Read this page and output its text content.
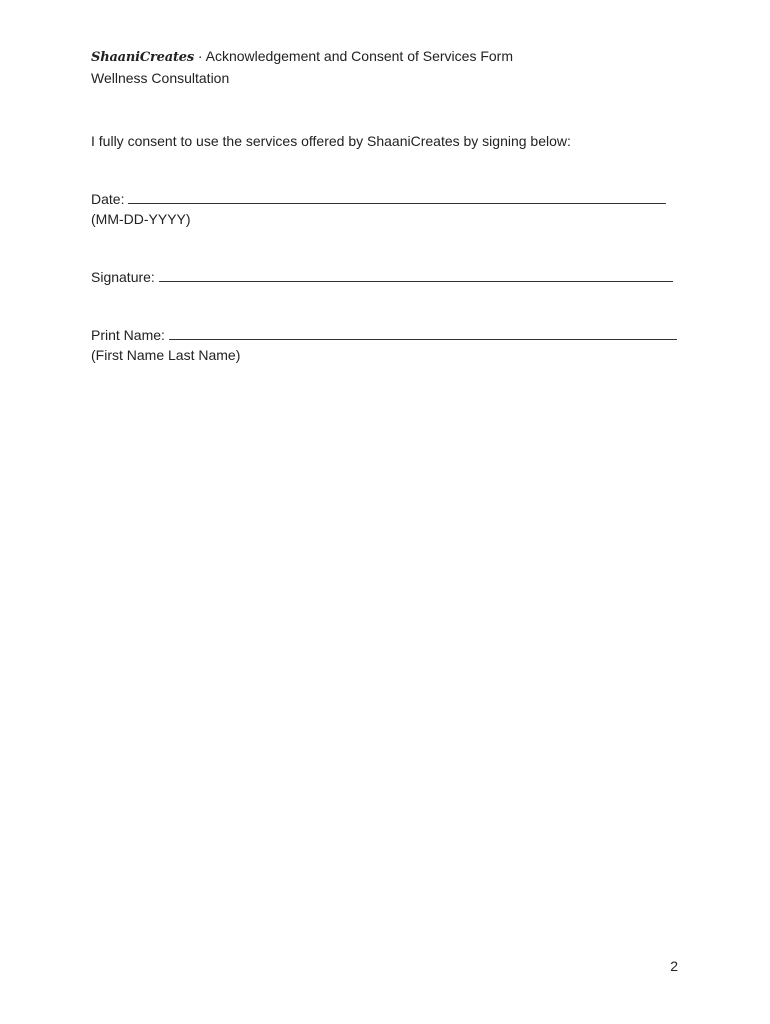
ShaaniCreates · Acknowledgement and Consent of Services Form
Wellness Consultation
I fully consent to use the services offered by ShaaniCreates by signing below:
Date:
(MM-DD-YYYY)
Signature:
Print Name:
(First Name Last Name)
2
